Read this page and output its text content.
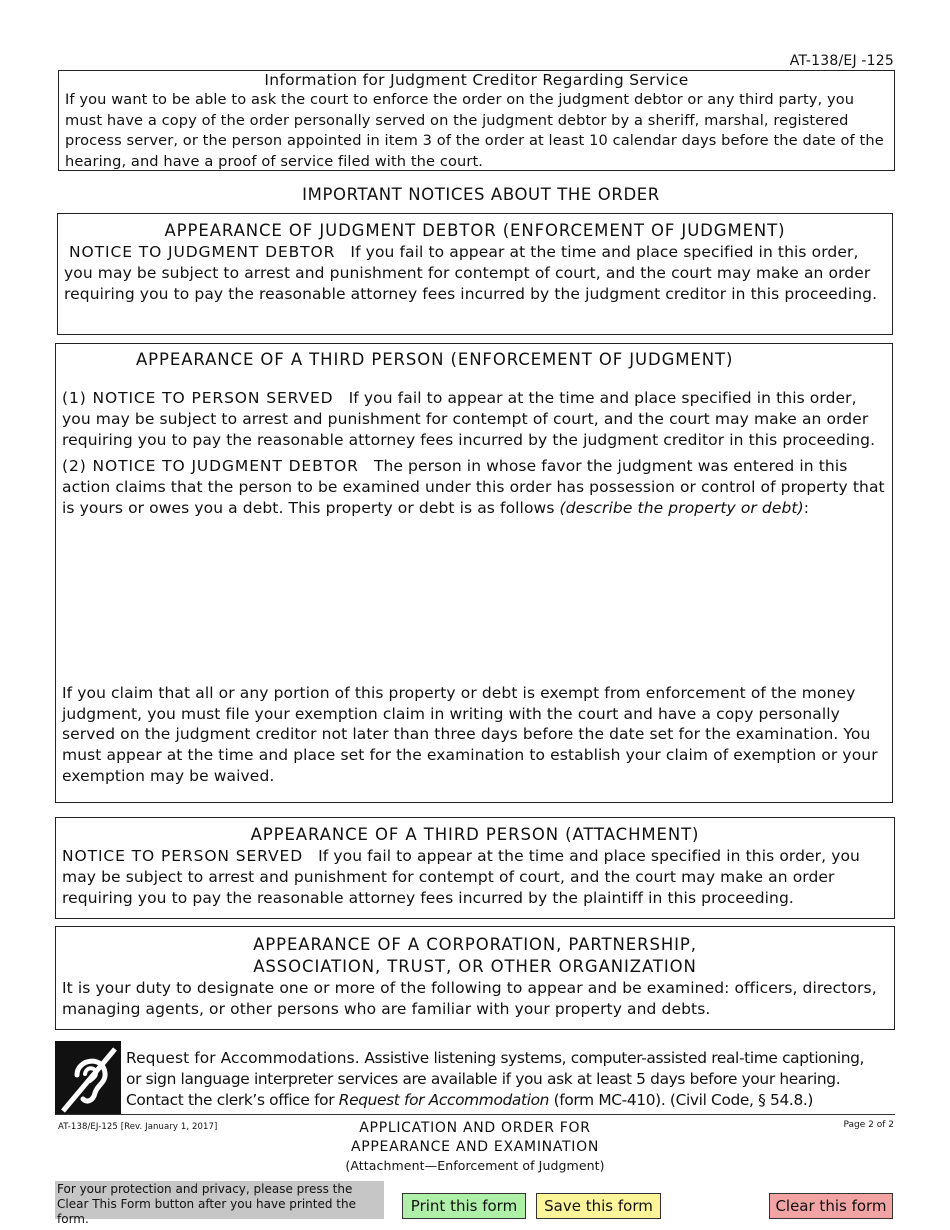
AT-138/EJ -125
Information for Judgment Creditor Regarding Service

If you want to be able to ask the court to enforce the order on the judgment debtor or any third party, you must have a copy of the order personally served on the judgment debtor by a sheriff, marshal, registered process server, or the person appointed in item 3 of the order at least 10 calendar days before the date of the hearing, and have a proof of service filed with the court.

IMPORTANT NOTICES ABOUT THE ORDER
APPEARANCE OF JUDGMENT DEBTOR (ENFORCEMENT OF JUDGMENT)

NOTICE TO JUDGMENT DEBTOR If you fail to appear at the time and place specified in this order, you may be subject to arrest and punishment for contempt of court, and the court may make an order requiring you to pay the reasonable attorney fees incurred by the judgment creditor in this proceeding.

APPEARANCE OF A THIRD PERSON (ENFORCEMENT OF JUDGMENT)

(1) NOTICE TO PERSON SERVED If you fail to appear at the time and place specified in this order, you may be subject to arrest and punishment for contempt of court, and the court may make an order requiring you to pay the reasonable attorney fees incurred by the judgment creditor in this proceeding.

(2) NOTICE TO JUDGMENT DEBTOR The person in whose favor the judgment was entered in this action claims that the person to be examined under this order has possession or control of property that is yours or owes you a debt. This property or debt is as follows (describe the property or debt):

If you claim that all or any portion of this property or debt is exempt from enforcement of the money judgment, you must file your exemption claim in writing with the court and have a copy personally served on the judgment creditor not later than three days before the date set for the examination. You must appear at the time and place set for the examination to establish your claim of exemption or your exemption may be waived.

APPEARANCE OF A THIRD PERSON (ATTACHMENT)

NOTICE TO PERSON SERVED If you fail to appear at the time and place specified in this order, you may be subject to arrest and punishment for contempt of court, and the court may make an order requiring you to pay the reasonable attorney fees incurred by the plaintiff in this proceeding.

APPEARANCE OF A CORPORATION, PARTNERSHIP,
ASSOCIATION, TRUST, OR OTHER ORGANIZATION

It is your duty to designate one or more of the following to appear and be examined: officers, directors, managing agents, or other persons who are familiar with your property and debts.

Request for Accommodations. Assistive listening systems, computer-assisted real-time captioning, or sign language interpreter services are available if you ask at least 5 days before your hearing. Contact the clerk’s office for Request for Accommodation (form MC-410). (Civil Code, § 54.8.)

AT-138/EJ-125 [Rev. January 1, 2017]	APPLICATION AND ORDER FOR
APPEARANCE AND EXAMINATION
(Attachment—Enforcement of Judgment)
Page 2 of 2
For your protection and privacy, please press the Clear This Form button after you have printed the form.
Print this form	Save this form	Clear this form
